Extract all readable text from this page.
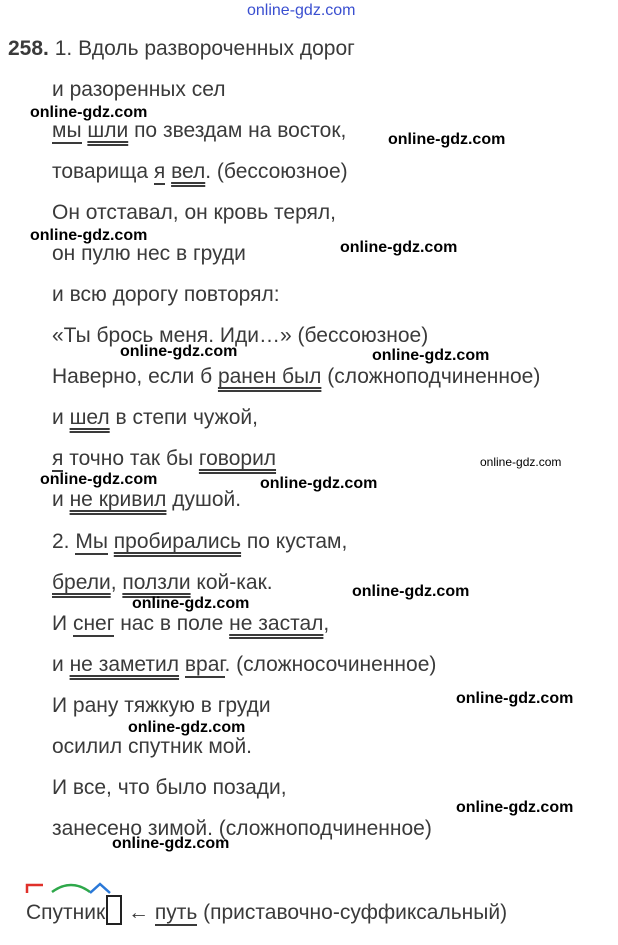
online-gdz.com
258. 1. Вдоль развороченных дорог
и разоренных сел
мы шли по звездам на восток,
товарища я вел. (бессоюзное)
Он отставал, он кровь терял,
он пулю нес в груди
и всю дорогу повторял:
«Ты брось меня. Иди…» (бессоюзное)
Наверно, если б ранен был (сложноподчиненное)
и шел в степи чужой,
я точно так бы говорил
и не кривил душой.
2. Мы пробирались по кустам,
брели, ползли кой-как.
И снег нас в поле не застал,
и не заметил враг. (сложносочиненное)
И рану тяжкую в груди
осилил спутник мой.
И все, что было позади,
занесено зимой. (сложноподчиненное)
Спутник ← путь (приставочно-суффиксальный)
online-gdz.com
online-gdz.com
online-gdz.com
online-gdz.com
online-gdz.com	online-gdz.com
online-gdz.com
online-gdz.com	online-gdz.com
online-gdz.com
online-gdz.com
online-gdz.com
online-gdz.com
online-gdz.com
online-gdz.com
